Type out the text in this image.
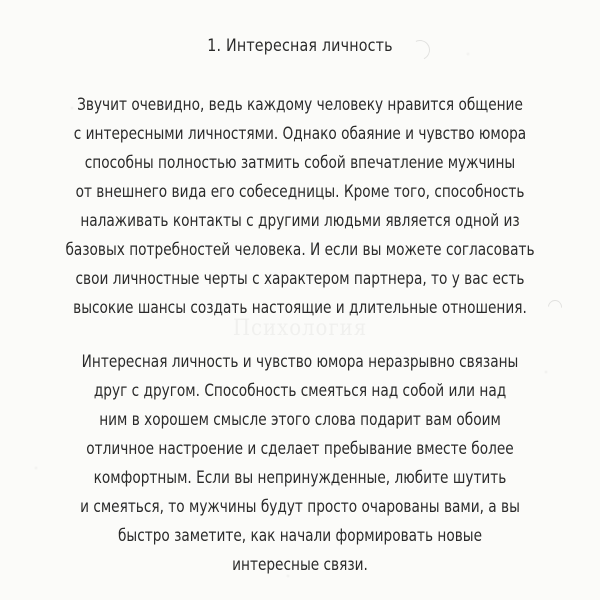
1. Интересная личность
Психология
Звучит очевидно, ведь каждому человеку нравится общение
с интересными личностями. Однако обаяние и чувство юмора
способны полностью затмить собой впечатление мужчины
от внешнего вида его собеседницы. Кроме того, способность
налаживать контакты с другими людьми является одной из
базовых потребностей человека. И если вы можете согласовать
свои личностные черты с характером партнера, то у вас есть
высокие шансы создать настоящие и длительные отношения.
Интересная личность и чувство юмора неразрывно связаны
друг с другом. Способность смеяться над собой или над
ним в хорошем смысле этого слова подарит вам обоим
отличное настроение и сделает пребывание вместе более
комфортным. Если вы непринужденные, любите шутить
и смеяться, то мужчины будут просто очарованы вами, а вы
быстро заметите, как начали формировать новые
интересные связи.
